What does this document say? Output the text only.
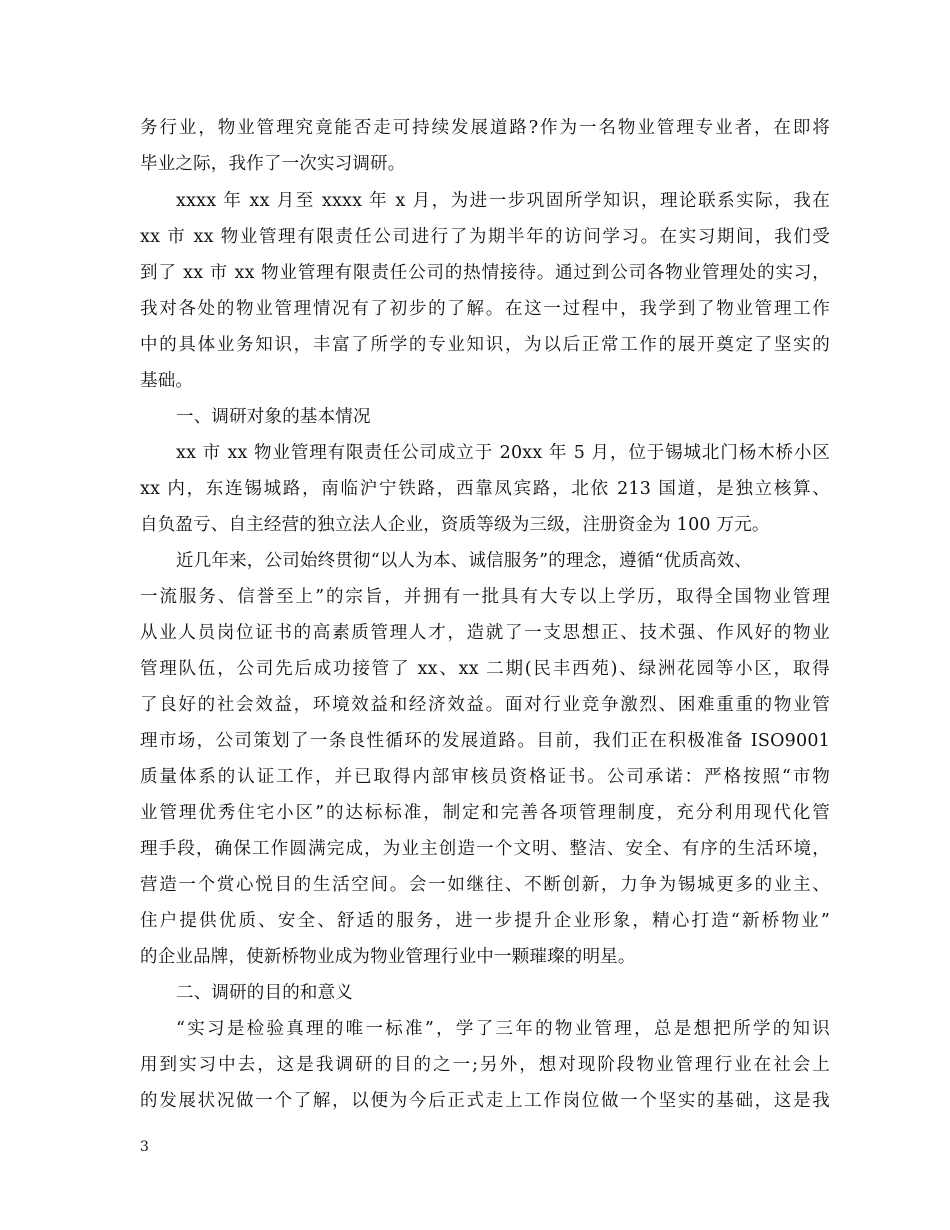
务行业，物业管理究竟能否走可持续发展道路?作为一名物业管理专业者，在即将
毕业之际，我作了一次实习调研。
xxxx 年 xx 月至 xxxx 年 x 月，为进一步巩固所学知识，理论联系实际，我在
xx 市 xx 物业管理有限责任公司进行了为期半年的访问学习。在实习期间，我们受
到了 xx 市 xx 物业管理有限责任公司的热情接待。通过到公司各物业管理处的实习，
我对各处的物业管理情况有了初步的了解。在这一过程中，我学到了物业管理工作
中的具体业务知识，丰富了所学的专业知识，为以后正常工作的展开奠定了坚实的
基础。
一、调研对象的基本情况
xx 市 xx 物业管理有限责任公司成立于 20xx 年 5 月，位于锡城北门杨木桥小区
xx 内，东连锡城路，南临沪宁铁路，西靠凤宾路，北依 213 国道，是独立核算、
自负盈亏、自主经营的独立法人企业，资质等级为三级，注册资金为 100 万元。
近几年来，公司始终贯彻“以人为本、诚信服务”的理念，遵循“优质高效、
一流服务、信誉至上”的宗旨，并拥有一批具有大专以上学历，取得全国物业管理
从业人员岗位证书的高素质管理人才，造就了一支思想正、技术强、作风好的物业
管理队伍，公司先后成功接管了 xx、xx 二期(民丰西苑)、绿洲花园等小区，取得
了良好的社会效益，环境效益和经济效益。面对行业竞争激烈、困难重重的物业管
理市场，公司策划了一条良性循环的发展道路。目前，我们正在积极准备 ISO9001
质量体系的认证工作，并已取得内部审核员资格证书。公司承诺：严格按照“市物
业管理优秀住宅小区”的达标标准，制定和完善各项管理制度，充分利用现代化管
理手段，确保工作圆满完成，为业主创造一个文明、整洁、安全、有序的生活环境，
营造一个赏心悦目的生活空间。会一如继往、不断创新，力争为锡城更多的业主、
住户提供优质、安全、舒适的服务，进一步提升企业形象，精心打造“新桥物业”
的企业品牌，使新桥物业成为物业管理行业中一颗璀璨的明星。
二、调研的目的和意义
“实习是检验真理的唯一标准”，学了三年的物业管理，总是想把所学的知识
用到实习中去，这是我调研的目的之一;另外，想对现阶段物业管理行业在社会上
的发展状况做一个了解，以便为今后正式走上工作岗位做一个坚实的基础，这是我
3
